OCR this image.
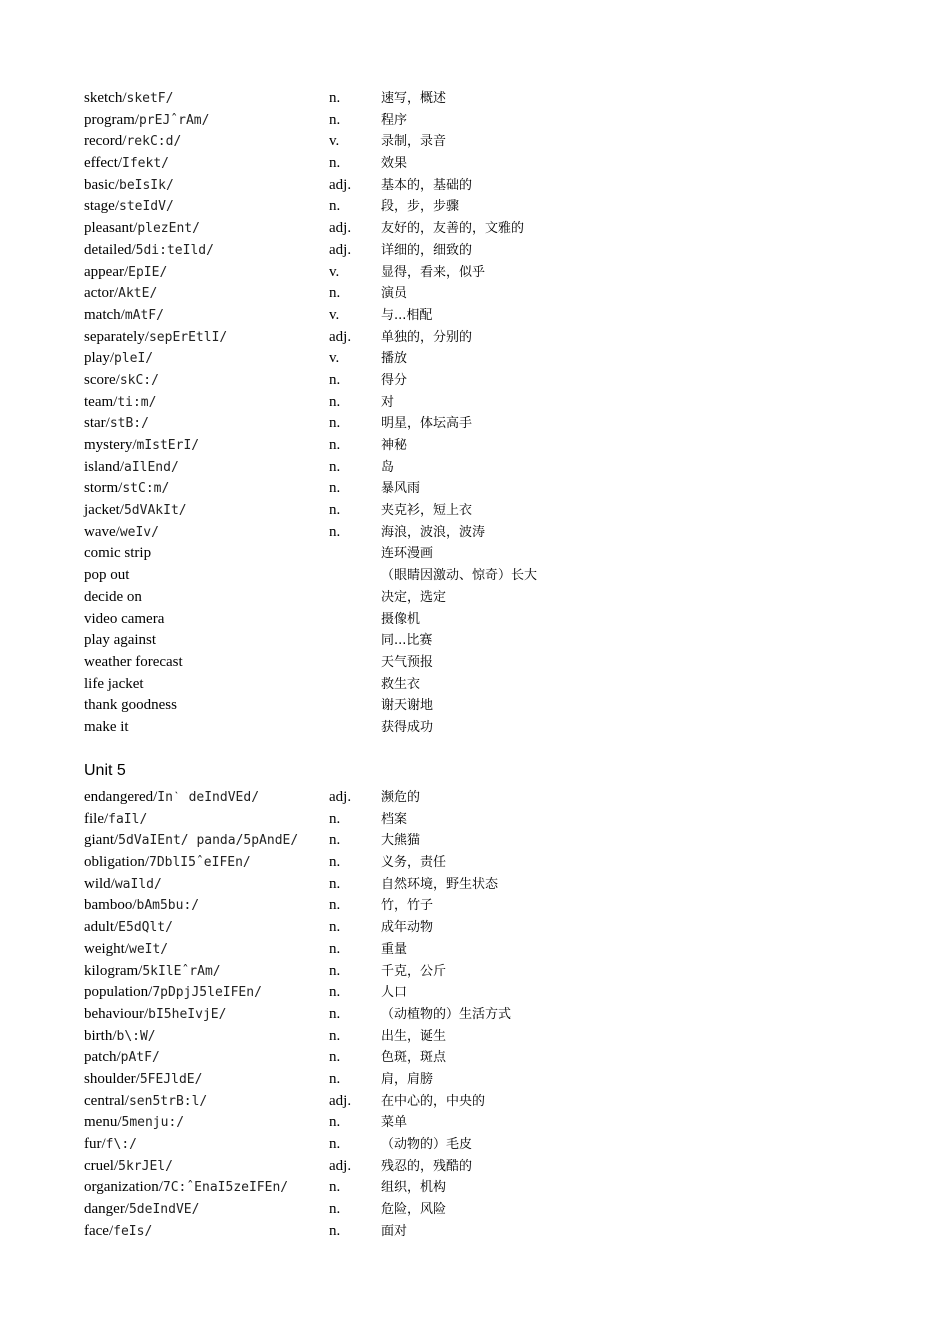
sketch/sketF/	n.	速写，概述
program/prEJˆrAm/	n.	程序
record/rekC:d/	v.	录制，录音
effect/Ifekt/	n.	效果
basic/beIsIk/	adj. 基本的，基础的
stage/steIdV/	n.	段，步，步骤
pleasant/plezEnt/	adj. 友好的，友善的，文雅的
detailed/5di:teIld/	adj. 详细的，细致的
appear/EpIE/	v.	显得，看来，似乎
actor/AktE/	n.	演员
match/mAtF/	v.	与...相配
separately/sepErEtlI/	adj. 单独的，分别的
play/pleI/	v.	播放
score/skC:/	n.	得分
team/ti:m/	n.	对
star/stB:/	n.	明星，体坛高手
mystery/mIstErI/	n.	神秘
island/aIlEnd/	n.	岛
storm/stC:m/	n.	暴风雨
jacket/5dVAkIt/	n.	夹克衫，短上衣
wave/weIv/	n.	海浪，波浪，波涛
comic strip	连环漫画
pop out	（眼睛因激动、惊奇）长大
decide on	决定，选定
video camera	摄像机
play against	同...比赛
weather forecast	天气预报
life jacket	救生衣
thank goodness	谢天谢地
make it	获得成功
Unit 5
endangered/Inˋ deIndVEd/	adj. 濒危的
file/faIl/	n.	档案
giant/5dVaIEnt/ panda/5pAndE/ n.	大熊猫
obligation/7DblI5ˆeIFEn/	n.	义务，责任
wild/waIld/	n.	自然环境，野生状态
bamboo/bAm5bu:/	n.	竹，竹子
adult/E5dQlt/	n.	成年动物
weight/weIt/	n.	重量
kilogram/5kIlEˆrAm/	n.	千克，公斤
population/7pDpjJ5leIFEn/	n.	人口
behaviour/bI5heIvjE/	n.	（动植物的）生活方式
birth/b\:W/	n.	出生，诞生
patch/pAtF/	n.	色斑，斑点
shoulder/5FEJldE/	n.	肩，肩膀
central/sen5trB:l/	adj. 在中心的，中央的
menu/5menju:/	n.	菜单
fur/f\:/	n.	（动物的）毛皮
cruel/5krJEl/	adj. 残忍的，残酷的
organization/7C:ˆEnaI5zeIFEn/	n.	组织，机构
danger/5deIndVE/	n.	危险，风险
face/feIs/	n.	面对
